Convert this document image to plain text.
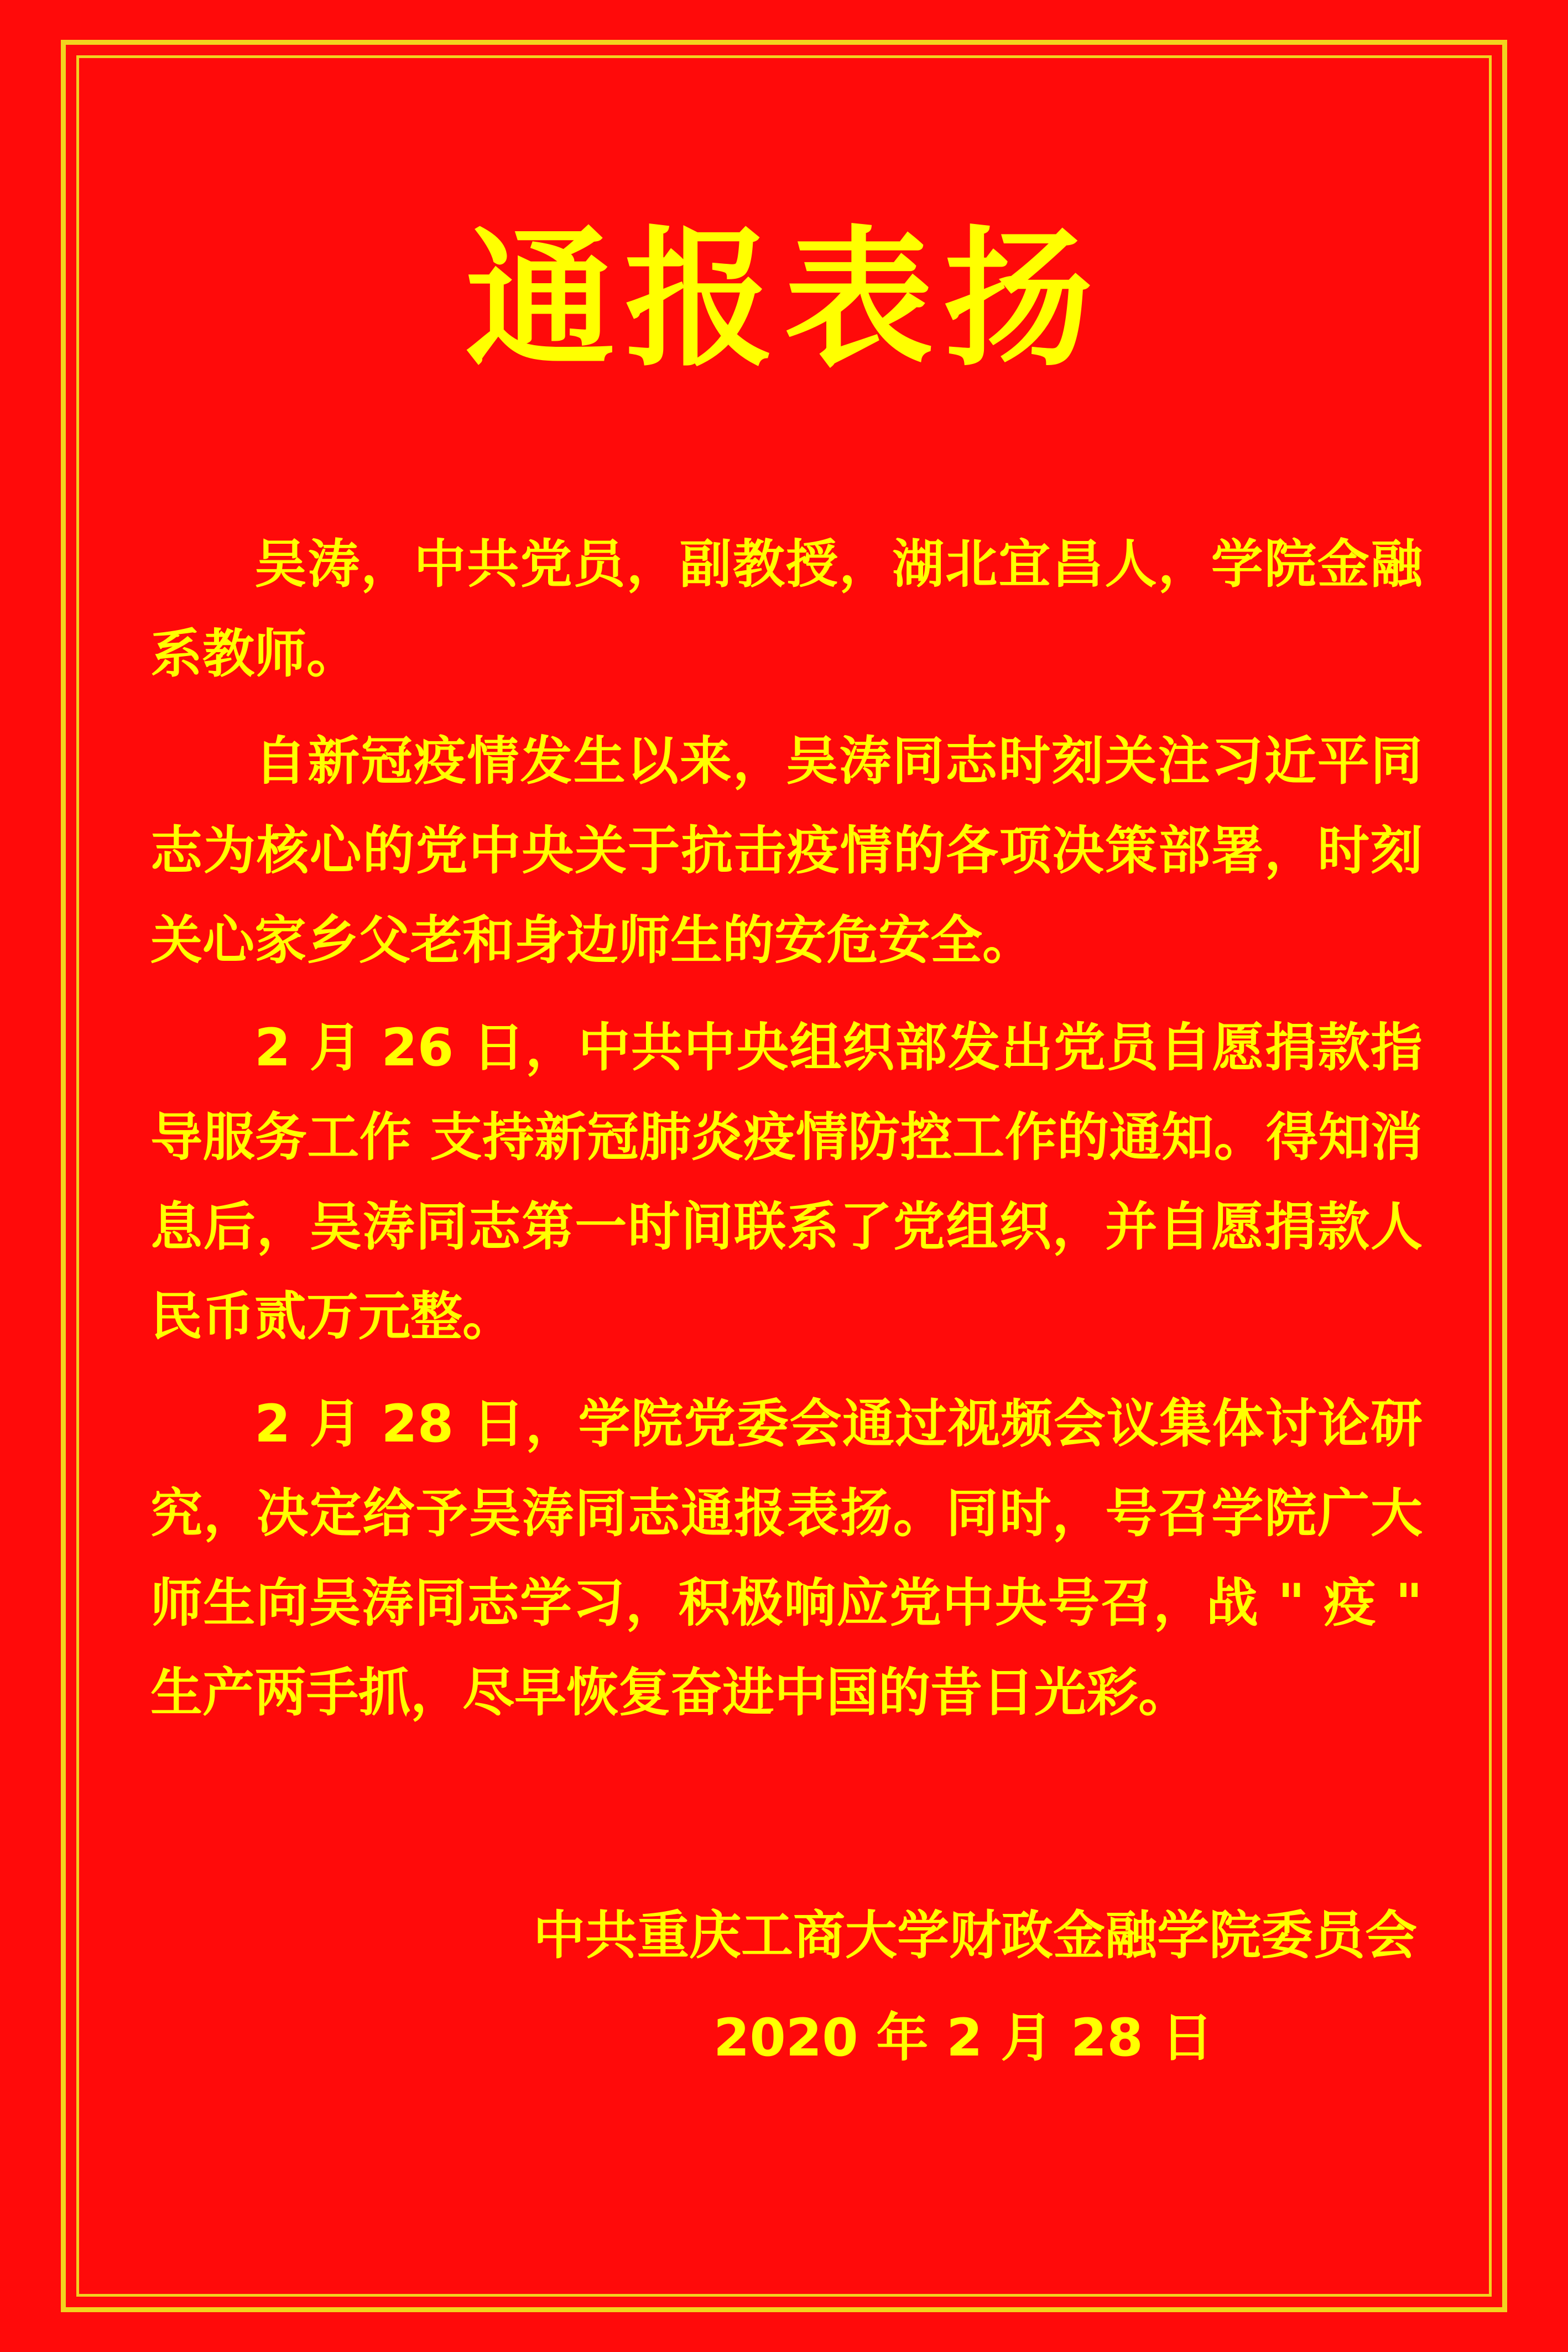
通报表扬

吴涛，中共党员，副教授，湖北宜昌人，学院金融系教师。

自新冠疫情发生以来，吴涛同志时刻关注习近平同志为核心的党中央关于抗击疫情的各项决策部署，时刻关心家乡父老和身边师生的安危安全。

2 月 26 日，中共中央组织部发出党员自愿捐款指导服务工作 支持新冠肺炎疫情防控工作的通知。得知消息后，吴涛同志第一时间联系了党组织，并自愿捐款人民币贰万元整。

2 月 28 日，学院党委会通过视频会议集体讨论研究，决定给予吴涛同志通报表扬。同时，号召学院广大师生向吴涛同志学习，积极响应党中央号召，战 " 疫 " 生产两手抓，尽早恢复奋进中国的昔日光彩。

中共重庆工商大学财政金融学院委员会
2020 年 2 月 28 日
